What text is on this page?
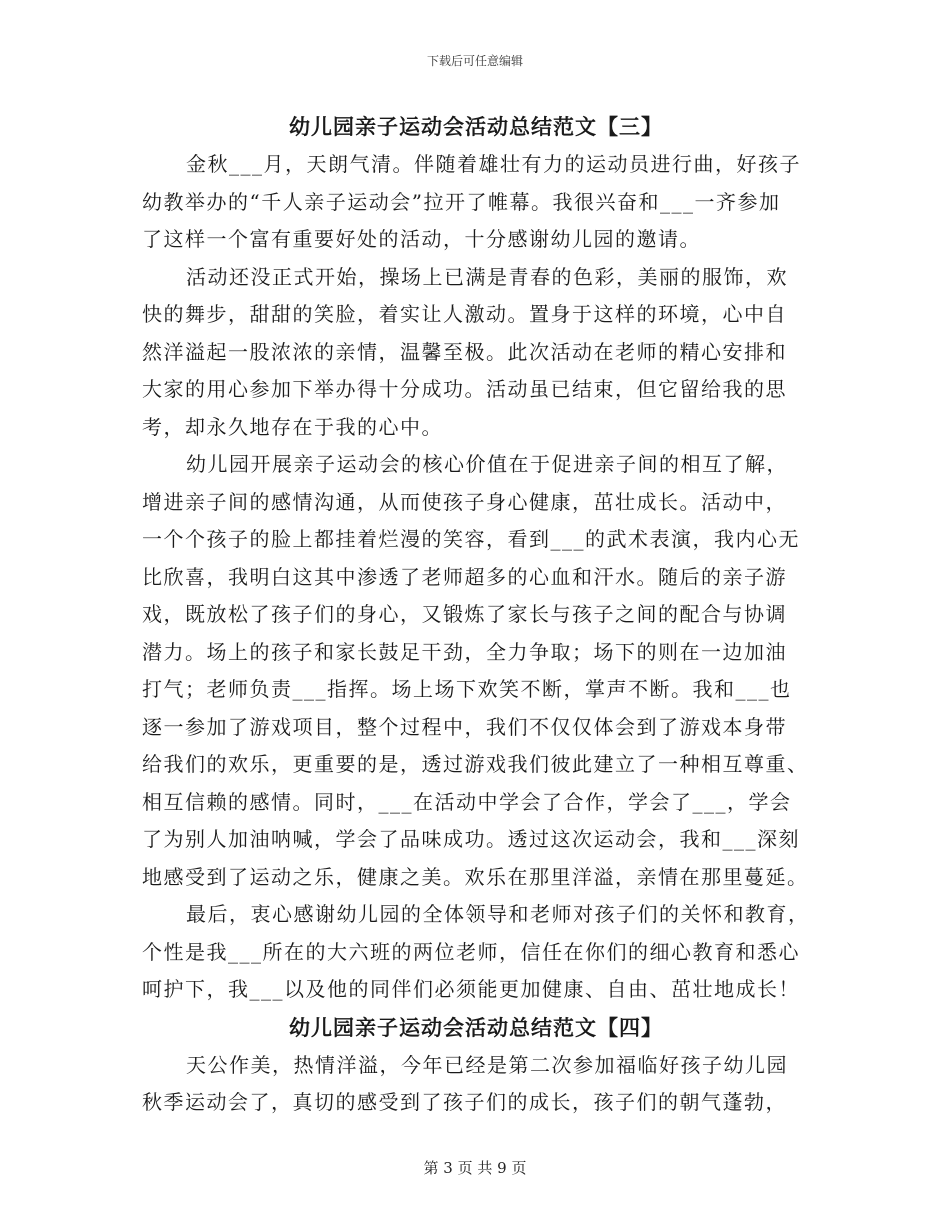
下载后可任意编辑
幼儿园亲子运动会活动总结范文【三】
金秋___月，天朗气清。伴随着雄壮有力的运动员进行曲，好孩子
幼教举办的“千人亲子运动会”拉开了帷幕。我很兴奋和___一齐参加
了这样一个富有重要好处的活动，十分感谢幼儿园的邀请。
活动还没正式开始，操场上已满是青春的色彩，美丽的服饰，欢
快的舞步，甜甜的笑脸，着实让人激动。置身于这样的环境，心中自
然洋溢起一股浓浓的亲情，温馨至极。此次活动在老师的精心安排和
大家的用心参加下举办得十分成功。活动虽已结束，但它留给我的思
考，却永久地存在于我的心中。
幼儿园开展亲子运动会的核心价值在于促进亲子间的相互了解，
增进亲子间的感情沟通，从而使孩子身心健康，茁壮成长。活动中，
一个个孩子的脸上都挂着烂漫的笑容，看到___的武术表演，我内心无
比欣喜，我明白这其中渗透了老师超多的心血和汗水。随后的亲子游
戏，既放松了孩子们的身心，又锻炼了家长与孩子之间的配合与协调
潜力。场上的孩子和家长鼓足干劲，全力争取；场下的则在一边加油
打气；老师负责___指挥。场上场下欢笑不断，掌声不断。我和___也
逐一参加了游戏项目，整个过程中，我们不仅仅体会到了游戏本身带
给我们的欢乐，更重要的是，透过游戏我们彼此建立了一种相互尊重、
相互信赖的感情。同时，___在活动中学会了合作，学会了___，学会
了为别人加油呐喊，学会了品味成功。透过这次运动会，我和___深刻
地感受到了运动之乐，健康之美。欢乐在那里洋溢，亲情在那里蔓延。
最后，衷心感谢幼儿园的全体领导和老师对孩子们的关怀和教育，
个性是我___所在的大六班的两位老师，信任在你们的细心教育和悉心
呵护下，我___以及他的同伴们必须能更加健康、自由、茁壮地成长！
幼儿园亲子运动会活动总结范文【四】
天公作美，热情洋溢，今年已经是第二次参加福临好孩子幼儿园
秋季运动会了，真切的感受到了孩子们的成长，孩子们的朝气蓬勃，
第 3 页 共 9 页
